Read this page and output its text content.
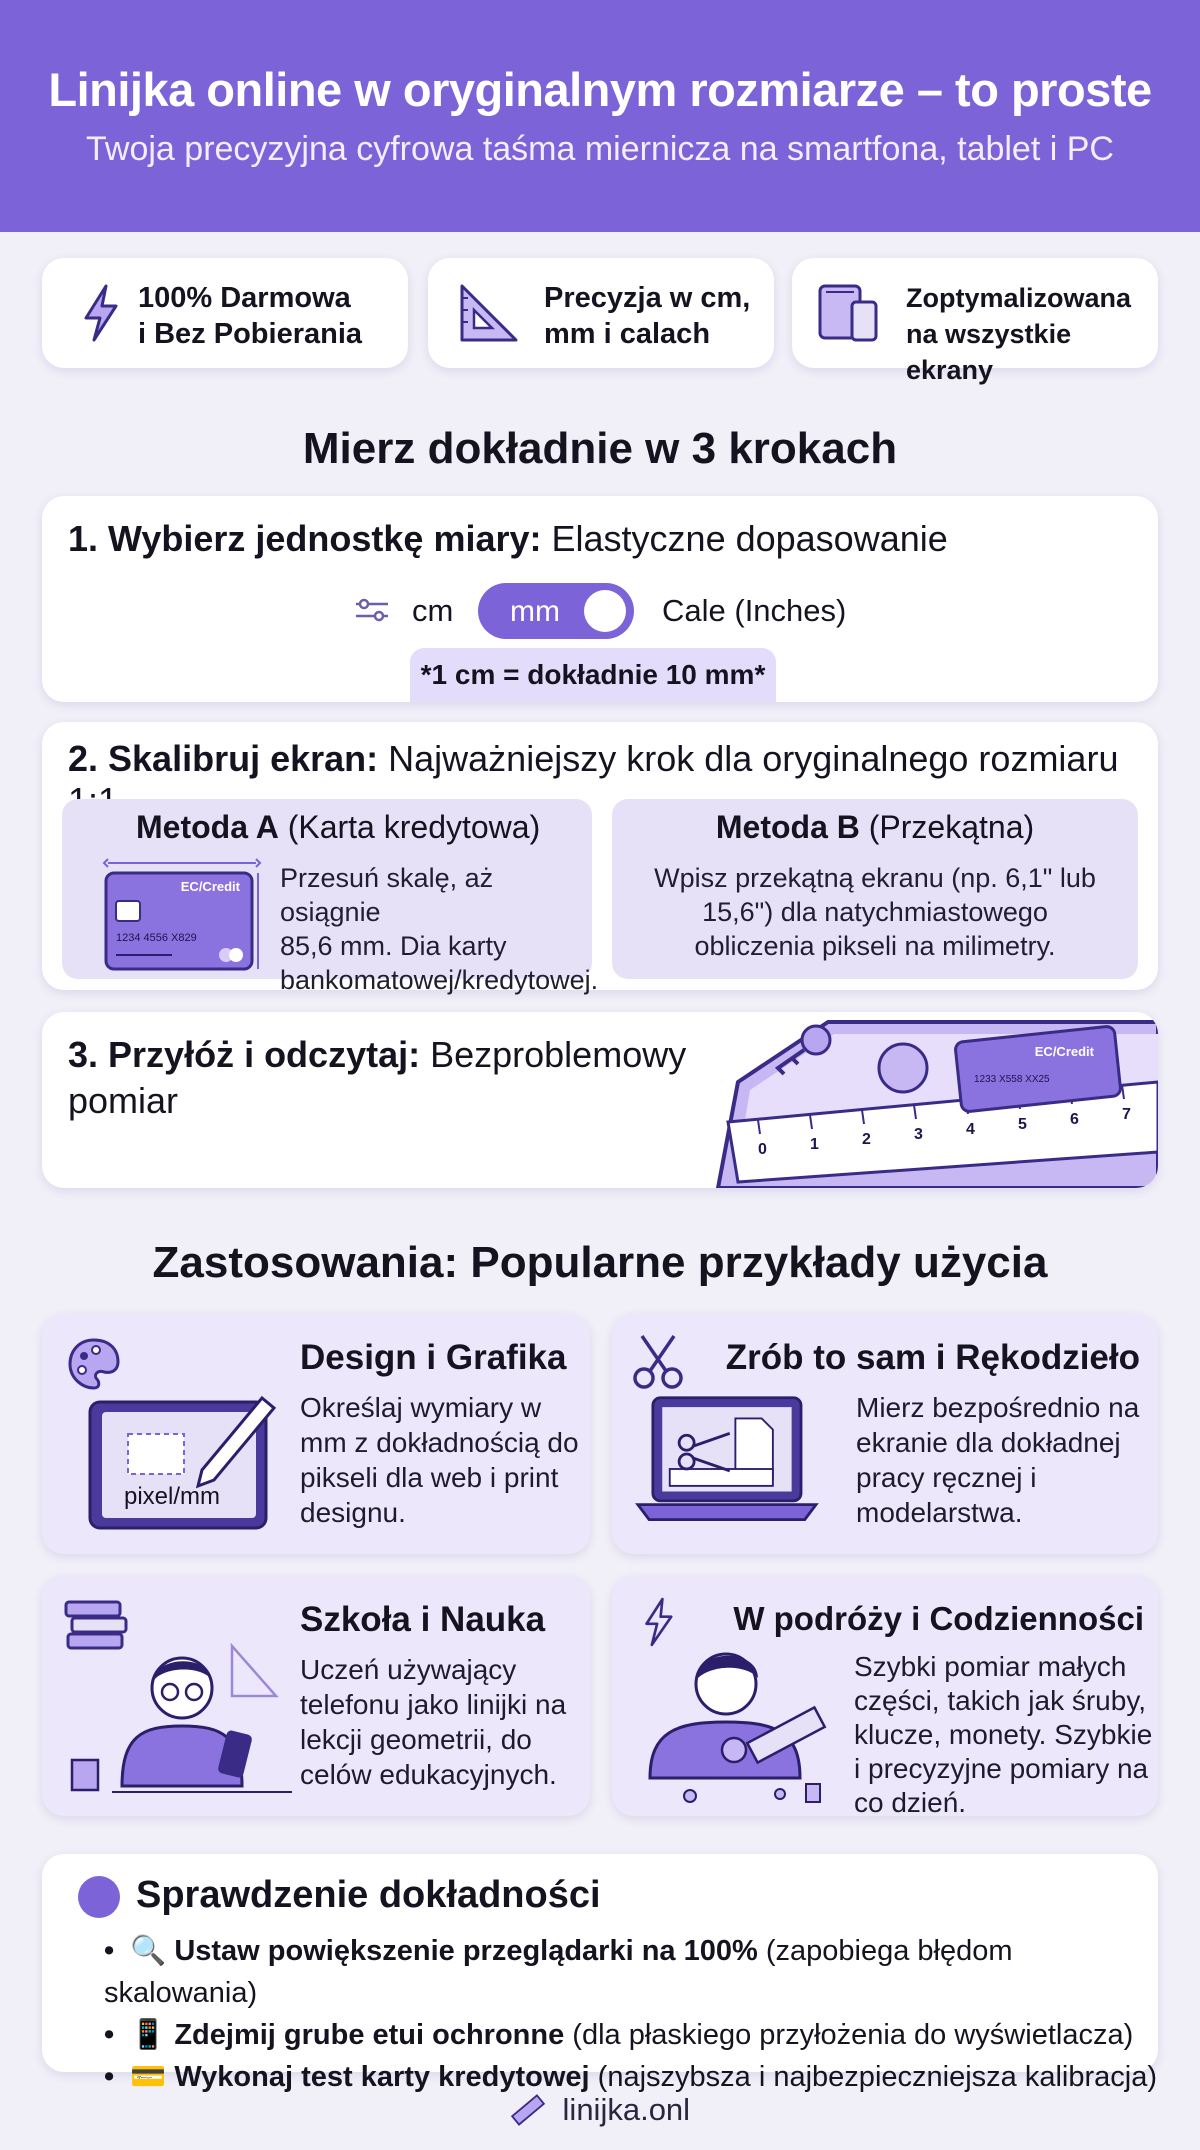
Linijka online w oryginalnym rozmiarze – to proste
Twoja precyzyjna cyfrowa taśma miernicza na smartfona, tablet i PC
100% Darmowa
i Bez Pobierania
Precyzja w cm,
mm i calach
Zoptymalizowana
na wszystkie ekrany
Mierz dokładnie w 3 krokach
1. Wybierz jednostkę miary: Elastyczne dopasowanie
cm mm	Cale (Inches)
*1 cm = dokładnie 10 mm*
2. Skalibruj ekran: Najważniejszy krok dla oryginalnego rozmiaru
Metoda A (Karta kredytowa)
EC/Credit
1234 4556 X829
Przesuń skalę, aż osiągnie
85,6 mm. Dia karty
bankomatowej/kredytowej.
Metoda B (Przekątna)
Wpisz przekątną ekranu (np. 6,1" lub
15,6") dla natychmiastowego
obliczenia pikseli na milimetry.
3. Przyłóż i odczytaj: Bezproblemowy
pomiar
0	1	2	3	4	5	6	7
EC/Credit
1233 X558 XX25
Zastosowania: Popularne przykłady użycia
pixel/mm
Design i Grafika

Określaj wymiary w
mm z dokładnością do
pikseli dla web i print
designu.

Zrób to sam i Rękodzieło

Mierz bezpośrednio na
ekranie dla dokładnej
pracy ręcznej i
modelarstwa.

Szkoła i Nauka

Uczeń używający
telefonu jako linijki na
lekcji geometrii, do
celów edukacyjnych.

W podróży i Codzienności

Szybki pomiar małych
części, takich jak śruby,
klucze, monety. Szybkie
i precyzyjne pomiary na
co dzień.

Sprawdzenie dokładności
• 🔍 Ustaw powiększenie przeglądarki na 100% (zapobiega błędom skalowania)
• 📱 Zdejmij grube etui ochronne (dla płaskiego przyłożenia do wyświetlacza)
• 💳 Wykonaj test karty kredytowej (najszybsza i najbezpieczniejsza kalibracja)
linijka.onl
